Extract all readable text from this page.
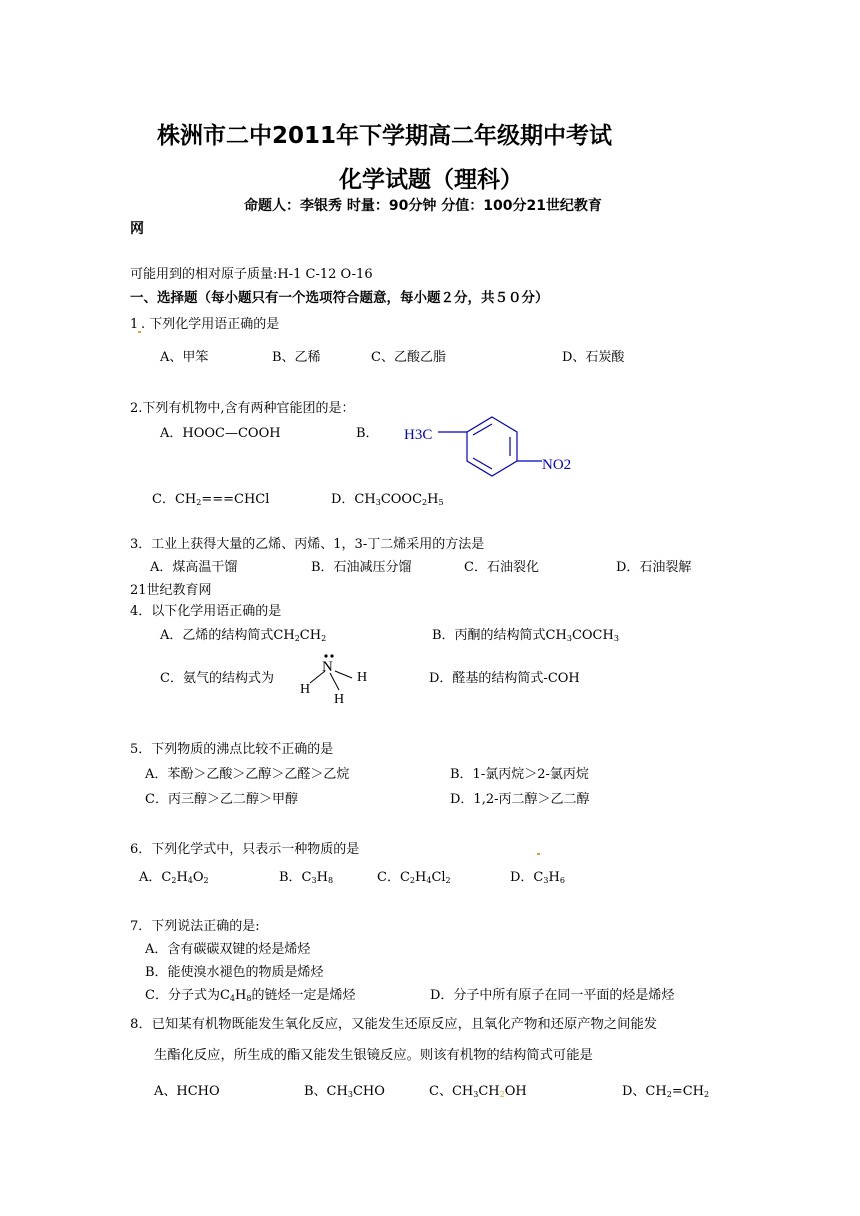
株洲市二中2011年下学期高二年级期中考试
化学试题（理科）
命题人：李银秀 时量：90分钟 分值：100分21世纪教育
网
可能用到的相对原子质量:H-1 C-12 O-16
一、选择题（每小题只有一个选项符合题意，每小题２分，共５０分）
1 . 下列化学用语正确的是
A、甲笨	B、乙稀	C、乙酸乙脂	D、石炭酸
2.下列有机物中,含有两种官能团的是：
A．HOOC—COOH	B． H3C
NO2
C．$CH_2===CHCl$	D．$CH_3COOC_2H_5$
3．工业上获得大量的乙烯、丙烯、1，3-丁二烯采用的方法是
A．煤高温干馏	B．石油减压分馏	C．石油裂化	D．石油裂解
21世纪教育网
4．以下化学用语正确的是
A．乙烯的结构简式$CH_2CH_2$	B．丙酮的结构简式$CH_3COCH_3$
C．氨气的结构式为
N
H
H
H
D．醛基的结构简式-COH
5．下列物质的沸点比较不正确的是
A．苯酚＞乙酸＞乙醇＞乙醛＞乙烷	B．1-氯丙烷＞2-氯丙烷
C．丙三醇＞乙二醇＞甲醇	D．1,2-丙二醇＞乙二醇
6．下列化学式中，只表示一种物质的是
A．$C_2H_4O_2$	B．$C_3H_8$	C．$C_2H_4Cl_2$	D．$C_3H_6$
7．下列说法正确的是:
A．含有碳碳双键的烃是烯烃
B．能使溴水褪色的物质是烯烃
C．分子式为$C_4H_8$的链烃一定是烯烃	D．分子中所有原子在同一平面的烃是烯烃
8．已知某有机物既能发生氧化反应，又能发生还原反应，且氧化产物和还原产物之间能发
生酯化反应，所生成的酯又能发生银镜反应。则该有机物的结构简式可能是
A、HCHO	B、$CH_3CHO$	C、$CH_3CH_2OH$	D、$CH_2=CH_2$
